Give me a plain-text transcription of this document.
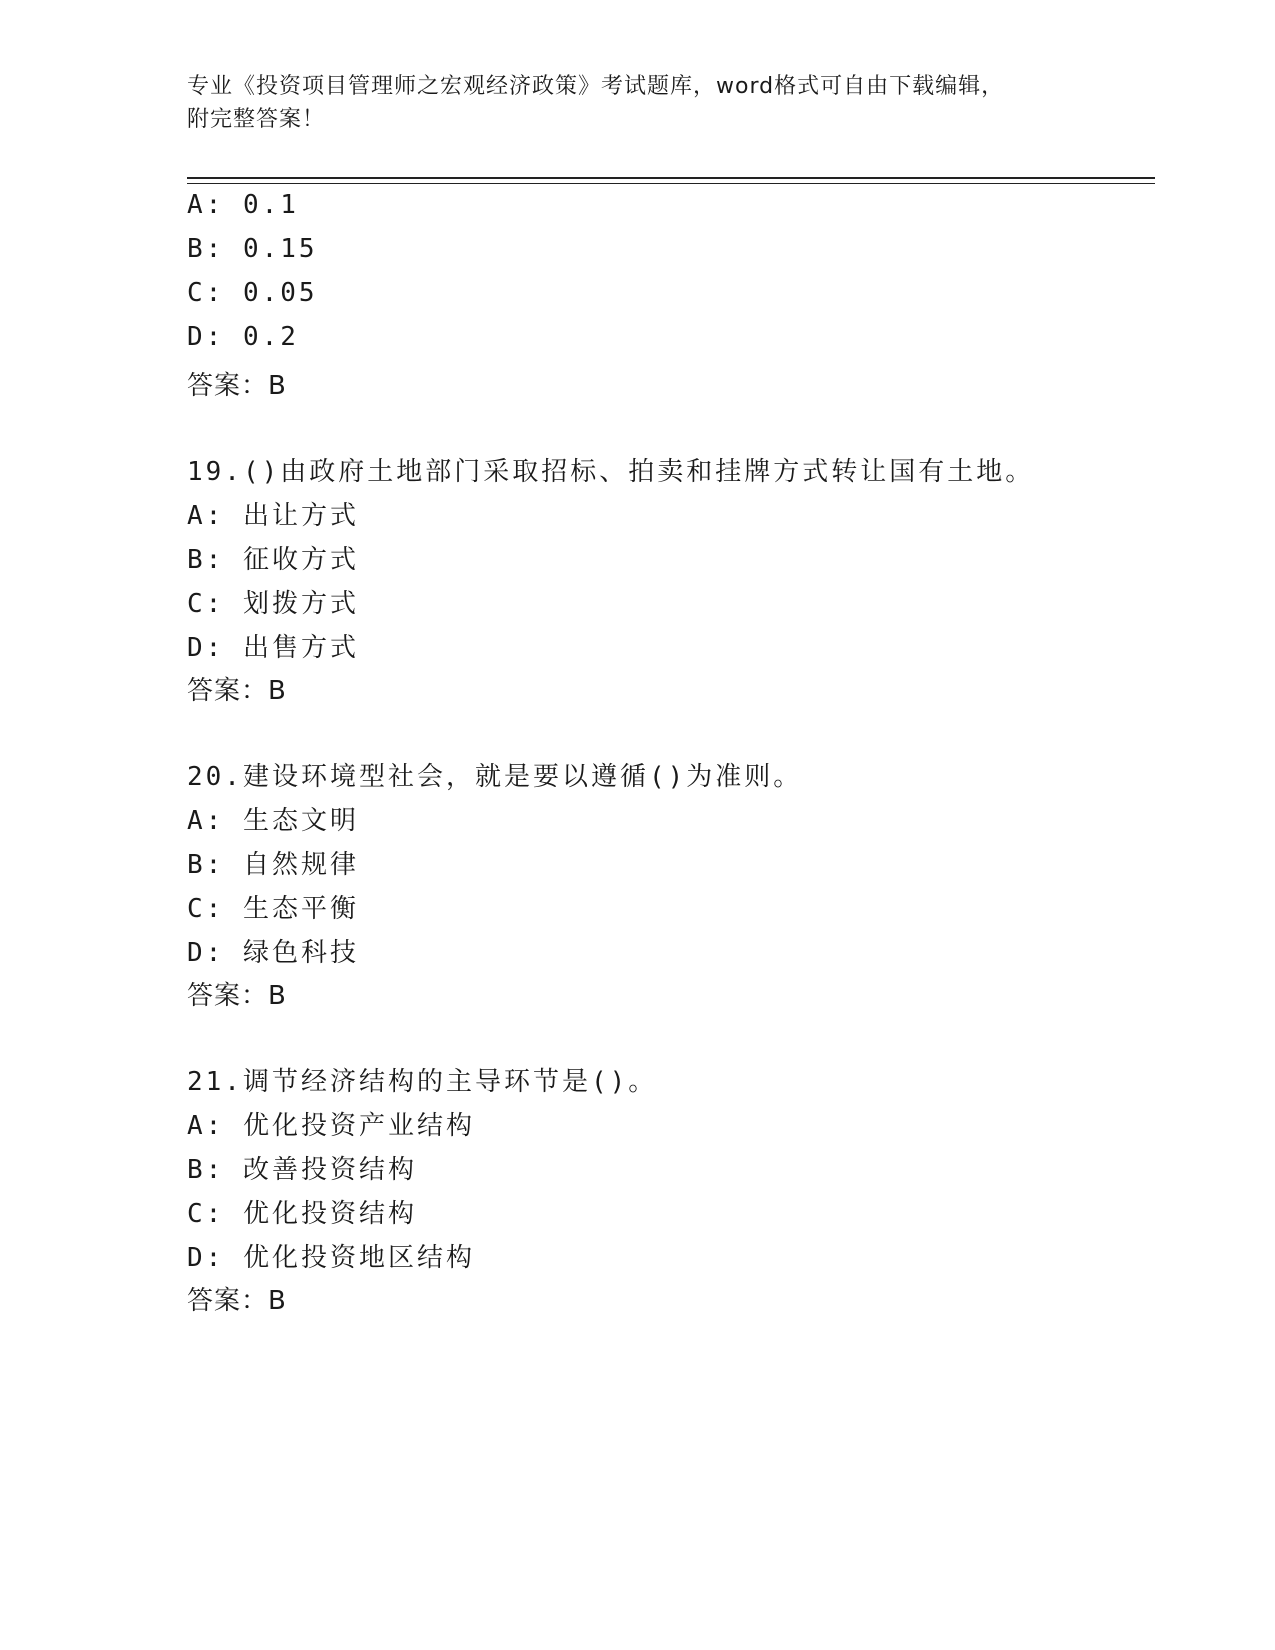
专业《投资项目管理师之宏观经济政策》考试题库，word格式可自由下载编辑，
附完整答案！
A: 0.1
B: 0.15
C: 0.05
D: 0.2
答案：B
19.()由政府土地部门采取招标、拍卖和挂牌方式转让国有土地。
A: 出让方式
B: 征收方式
C: 划拨方式
D: 出售方式
答案：B
20.建设环境型社会，就是要以遵循()为准则。
A: 生态文明
B: 自然规律
C: 生态平衡
D: 绿色科技
答案：B
21.调节经济结构的主导环节是()。
A: 优化投资产业结构
B: 改善投资结构
C: 优化投资结构
D: 优化投资地区结构
答案：B
